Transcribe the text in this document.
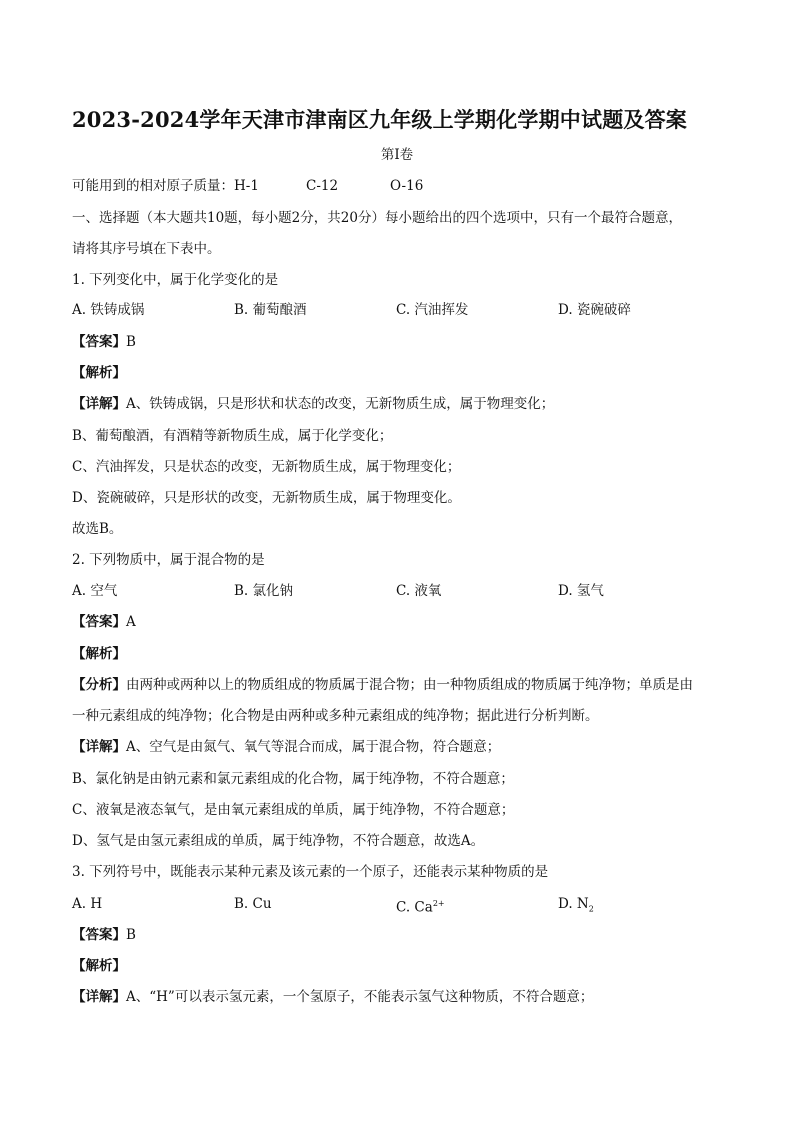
2023-2024学年天津市津南区九年级上学期化学期中试题及答案
第Ⅰ卷
可能用到的相对原子质量：H-1	C-12	O-16
一、选择题（本大题共10题，每小题2分，共20分）每小题给出的四个选项中，只有一个最符合题意，
请将其序号填在下表中。
1. 下列变化中，属于化学变化的是
A. 铁铸成锅	B. 葡萄酿酒	C. 汽油挥发	D. 瓷碗破碎
【答案】B
【解析】
【详解】A、铁铸成锅，只是形状和状态的改变，无新物质生成，属于物理变化；
B、葡萄酿酒，有酒精等新物质生成，属于化学变化；
C、汽油挥发，只是状态的改变，无新物质生成，属于物理变化；
D、瓷碗破碎，只是形状的改变，无新物质生成，属于物理变化。
故选B。
2. 下列物质中，属于混合物的是
A. 空气	B. 氯化钠	C. 液氧	D. 氢气
【答案】A
【解析】
【分析】由两种或两种以上的物质组成的物质属于混合物；由一种物质组成的物质属于纯净物；单质是由
一种元素组成的纯净物；化合物是由两种或多种元素组成的纯净物；据此进行分析判断。
【详解】A、空气是由氮气、氧气等混合而成，属于混合物，符合题意；
B、氯化钠是由钠元素和氯元素组成的化合物，属于纯净物，不符合题意；
C、液氧是液态氧气，是由氧元素组成的单质，属于纯净物，不符合题意；
D、氢气是由氢元素组成的单质，属于纯净物，不符合题意，故选A。
3. 下列符号中，既能表示某种元素及该元素的一个原子，还能表示某种物质的是
A. H	B. Cu	C. $Ca^{2+}$	D. $N_2$
【答案】B
【解析】
【详解】A、“H”可以表示氢元素，一个氢原子，不能表示氢气这种物质，不符合题意；
